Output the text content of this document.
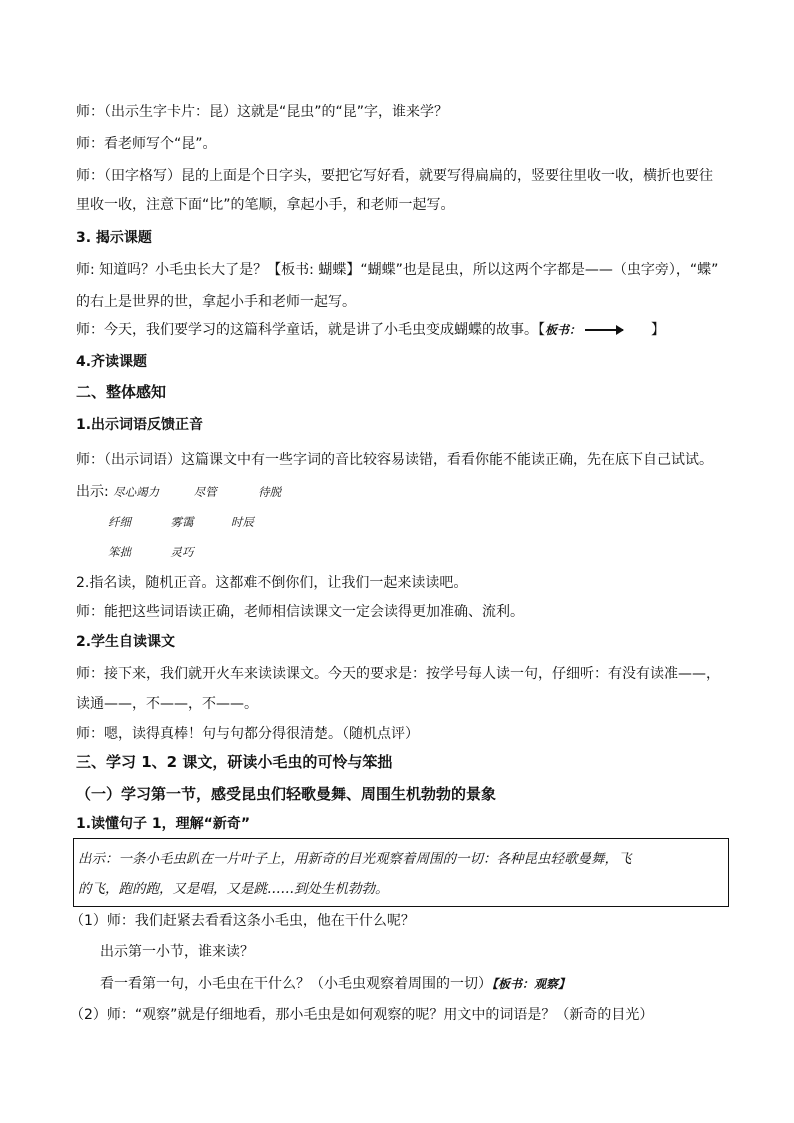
师：（出示生字卡片：昆）这就是“昆虫”的“昆”字，谁来学？
师：看老师写个“昆”。
师：（田字格写）昆的上面是个日字头，要把它写好看，就要写得扁扁的，竖要往里收一收，横折也要往
里收一收，注意下面“比”的笔顺，拿起小手，和老师一起写。
3. 揭示课题
师: 知道吗？小毛虫长大了是？【板书: 蝴蝶】“蝴蝶”也是昆虫，所以这两个字都是——（虫字旁），“蝶”
的右上是世界的世，拿起小手和老师一起写。
师：今天，我们要学习的这篇科学童话，就是讲了小毛虫变成蝴蝶的故事。【板书：	】
4.齐读课题
二、整体感知
1.出示词语反馈正音
师：（出示词语）这篇课文中有一些字词的音比较容易读错，看看你能不能读正确，先在底下自己试试。
出示: 尽心竭力	尽管	待脱
纤细	雾霭	时辰
笨拙	灵巧
2.指名读，随机正音。这都难不倒你们，让我们一起来读读吧。
师：能把这些词语读正确，老师相信读课文一定会读得更加准确、流利。
2.学生自读课文
师：接下来，我们就开火车来读读课文。今天的要求是：按学号每人读一句，仔细听：有没有读准——，
读通——，不——，不——。
师：嗯，读得真棒！句与句都分得很清楚。（随机点评）
三、学习 1、2 课文，研读小毛虫的可怜与笨拙
（一）学习第一节，感受昆虫们轻歌曼舞、周围生机勃勃的景象
1.读懂句子 1，理解“新奇”
出示：一条小毛虫趴在一片叶子上，用新奇的目光观察着周围的一切：各种昆虫轻歌曼舞，飞
的飞，跑的跑，又是唱，又是跳……到处生机勃勃。
（1）师：我们赶紧去看看这条小毛虫，他在干什么呢？
出示第一小节，谁来读？
看一看第一句，小毛虫在干什么？（小毛虫观察着周围的一切）【板书：观察】
（2）师：“观察”就是仔细地看，那小毛虫是如何观察的呢？用文中的词语是？（新奇的目光）
